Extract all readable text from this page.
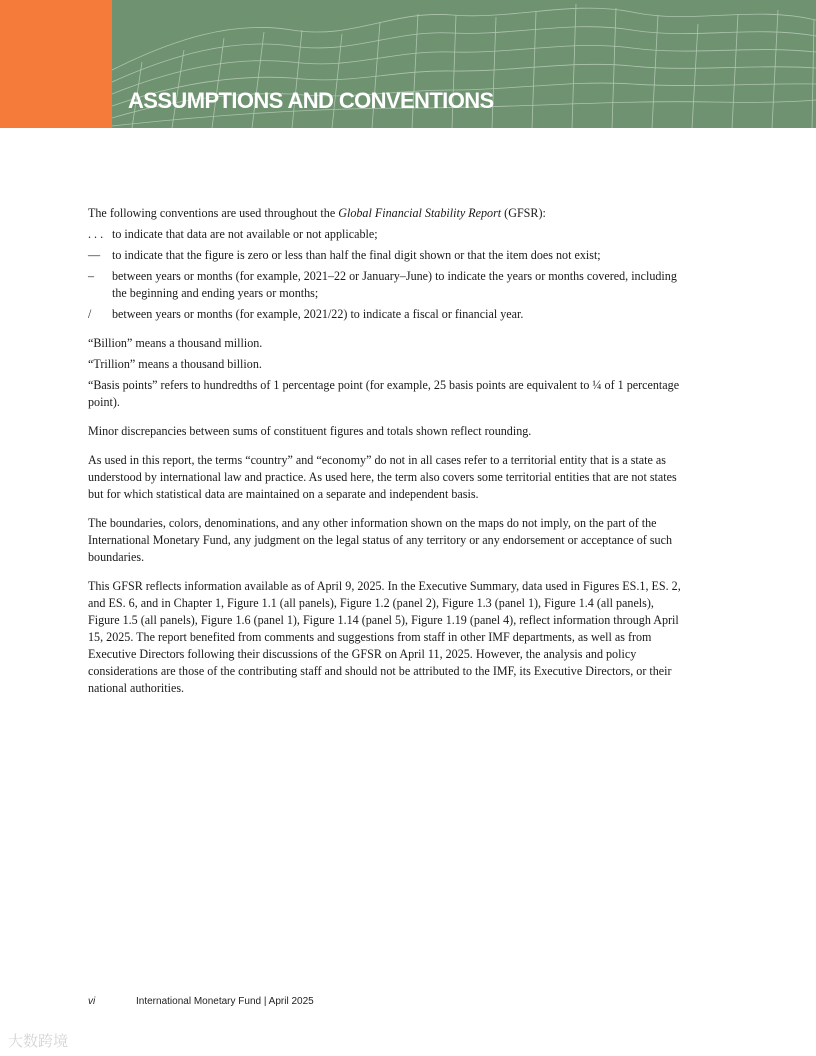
ASSUMPTIONS AND CONVENTIONS

The following conventions are used throughout the Global Financial Stability Report (GFSR):

. . . to indicate that data are not available or not applicable;
— to indicate that the figure is zero or less than half the final digit shown or that the item does not exist;
–	between years or months (for example, 2021–22 or January–June) to indicate the years or months covered, including the beginning and ending years or months;
/	between years or months (for example, 2021/22) to indicate a fiscal or financial year.

“Billion” means a thousand million.

“Trillion” means a thousand billion.

“Basis points” refers to hundredths of 1 percentage point (for example, 25 basis points are equivalent to ¼ of 1 percentage point).

Minor discrepancies between sums of constituent figures and totals shown reflect rounding.

As used in this report, the terms “country” and “economy” do not in all cases refer to a territorial entity that is a state as understood by international law and practice. As used here, the term also covers some territorial entities that are not states but for which statistical data are maintained on a separate and independent basis.

The boundaries, colors, denominations, and any other information shown on the maps do not imply, on the part of the International Monetary Fund, any judgment on the legal status of any territory or any endorsement or acceptance of such boundaries.

This GFSR reflects information available as of April 9, 2025. In the Executive Summary, data used in Figures ES.1, ES. 2, and ES. 6, and in Chapter 1, Figure 1.1 (all panels), Figure 1.2 (panel 2), Figure 1.3 (panel 1), Figure 1.4 (all panels), Figure 1.5 (all panels), Figure 1.6 (panel 1), Figure 1.14 (panel 5), Figure 1.19 (panel 4), reflect information through April 15, 2025. The report benefited from comments and suggestions from staff in other IMF departments, as well as from Executive Directors following their discussions of the GFSR on April 11, 2025. However, the analysis and policy considerations are those of the contributing staff and should not be attributed to the IMF, its Executive Directors, or their national authorities.

vi	International Monetary Fund | April 2025
大数跨境
